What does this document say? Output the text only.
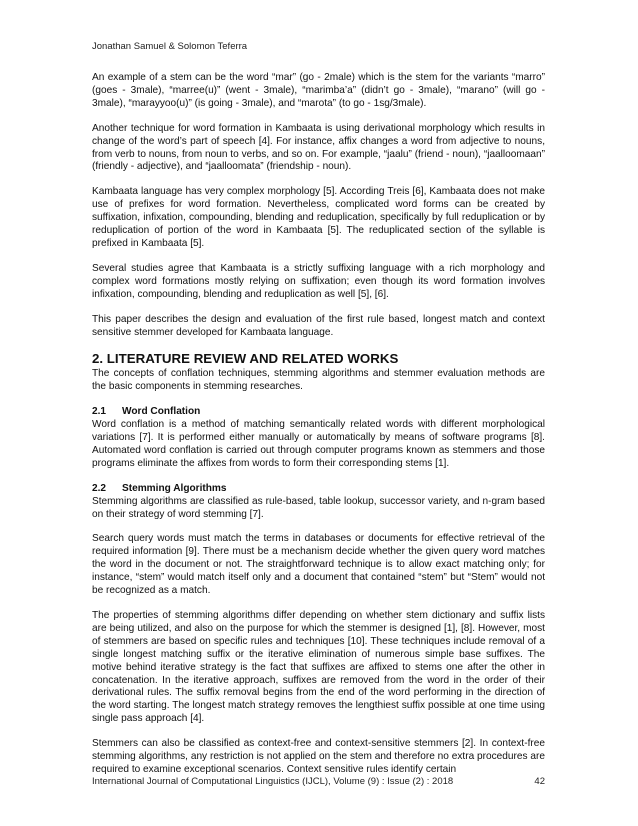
Jonathan Samuel & Solomon Teferra

An example of a stem can be the word “mar” (go - 2male) which is the stem for the variants “marro” (goes - 3male), “marree(u)” (went - 3male), “marimba’a” (didn’t go - 3male), “marano” (will go - 3male), “marayyoo(u)” (is going - 3male), and “marota” (to go - 1sg/3male).

Another technique for word formation in Kambaata is using derivational morphology which results in change of the word’s part of speech [4]. For instance, affix changes a word from adjective to nouns, from verb to nouns, from noun to verbs, and so on. For example, “jaalu” (friend - noun), “jaalloomaan” (friendly - adjective), and “jaalloomata” (friendship - noun).

Kambaata language has very complex morphology [5]. According Treis [6], Kambaata does not make use of prefixes for word formation. Nevertheless, complicated word forms can be created by suffixation, infixation, compounding, blending and reduplication, specifically by full reduplication or by reduplication of portion of the word in Kambaata [5]. The reduplicated section of the syllable is prefixed in Kambaata [5].

Several studies agree that Kambaata is a strictly suffixing language with a rich morphology and complex word formations mostly relying on suffixation; even though its word formation involves infixation, compounding, blending and reduplication as well [5], [6].

This paper describes the design and evaluation of the first rule based, longest match and context sensitive stemmer developed for Kambaata language.

2. LITERATURE REVIEW AND RELATED WORKS

The concepts of conflation techniques, stemming algorithms and stemmer evaluation methods are the basic components in stemming researches.

2.1 Word Conflation

Word conflation is a method of matching semantically related words with different morphological variations [7]. It is performed either manually or automatically by means of software programs [8]. Automated word conflation is carried out through computer programs known as stemmers and those programs eliminate the affixes from words to form their corresponding stems [1].

2.2 Stemming Algorithms

Stemming algorithms are classified as rule-based, table lookup, successor variety, and n-gram based on their strategy of word stemming [7].

Search query words must match the terms in databases or documents for effective retrieval of the required information [9]. There must be a mechanism decide whether the given query word matches the word in the document or not. The straightforward technique is to allow exact matching only; for instance, “stem” would match itself only and a document that contained “stem” but “Stem” would not be recognized as a match.

The properties of stemming algorithms differ depending on whether stem dictionary and suffix lists are being utilized, and also on the purpose for which the stemmer is designed [1], [8]. However, most of stemmers are based on specific rules and techniques [10]. These techniques include removal of a single longest matching suffix or the iterative elimination of numerous simple base suffixes. The motive behind iterative strategy is the fact that suffixes are affixed to stems one after the other in concatenation. In the iterative approach, suffixes are removed from the word in the order of their derivational rules. The suffix removal begins from the end of the word performing in the direction of the word starting. The longest match strategy removes the lengthiest suffix possible at one time using single pass approach [4].

Stemmers can also be classified as context-free and context-sensitive stemmers [2]. In context-free stemming algorithms, any restriction is not applied on the stem and therefore no extra procedures are required to examine exceptional scenarios. Context sensitive rules identify certain

International Journal of Computational Linguistics (IJCL), Volume (9) : Issue (2) : 2018	42
